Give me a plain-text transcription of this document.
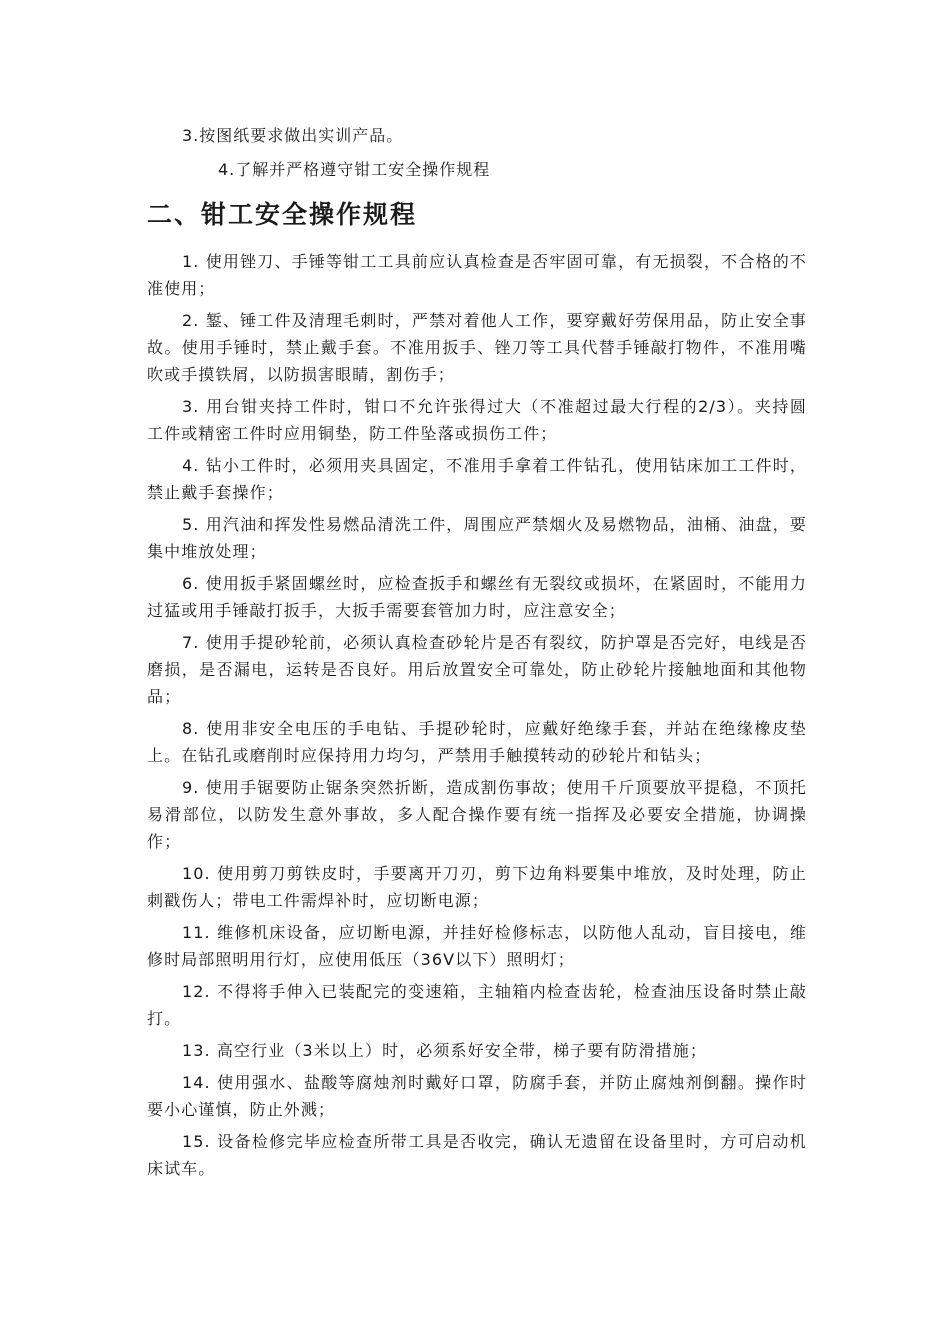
3.按图纸要求做出实训产品。
4.了解并严格遵守钳工安全操作规程
二、钳工安全操作规程

1. 使用锉刀、手锤等钳工工具前应认真检查是否牢固可靠，有无损裂，不合格的不准使用；

2. 錾、锤工件及清理毛刺时，严禁对着他人工作，要穿戴好劳保用品，防止安全事故。使用手锤时，禁止戴手套。不准用扳手、锉刀等工具代替手锤敲打物件，不准用嘴吹或手摸铁屑，以防损害眼睛，割伤手；

3. 用台钳夹持工件时，钳口不允许张得过大（不准超过最大行程的2/3）。夹持圆工件或精密工件时应用铜垫，防工件坠落或损伤工件；

4. 钻小工件时，必须用夹具固定，不准用手拿着工件钻孔，使用钻床加工工件时，禁止戴手套操作；

5. 用汽油和挥发性易燃品清洗工件，周围应严禁烟火及易燃物品，油桶、油盘，要集中堆放处理；

6. 使用扳手紧固螺丝时，应检查扳手和螺丝有无裂纹或损坏，在紧固时，不能用力过猛或用手锤敲打扳手，大扳手需要套管加力时，应注意安全；

7. 使用手提砂轮前，必须认真检查砂轮片是否有裂纹，防护罩是否完好，电线是否磨损，是否漏电，运转是否良好。用后放置安全可靠处，防止砂轮片接触地面和其他物品；

8. 使用非安全电压的手电钻、手提砂轮时，应戴好绝缘手套，并站在绝缘橡皮垫上。在钻孔或磨削时应保持用力均匀，严禁用手触摸转动的砂轮片和钻头；

9. 使用手锯要防止锯条突然折断，造成割伤事故；使用千斤顶要放平提稳，不顶托易滑部位，以防发生意外事故，多人配合操作要有统一指挥及必要安全措施，协调操作；

10. 使用剪刀剪铁皮时，手要离开刀刃，剪下边角料要集中堆放，及时处理，防止刺戳伤人；带电工件需焊补时，应切断电源；

11. 维修机床设备，应切断电源，并挂好检修标志，以防他人乱动，盲目接电，维修时局部照明用行灯，应使用低压（36V以下）照明灯；

12. 不得将手伸入已装配完的变速箱，主轴箱内检查齿轮，检查油压设备时禁止敲打。

13. 高空行业（3米以上）时，必须系好安全带，梯子要有防滑措施；

14. 使用强水、盐酸等腐烛剂时戴好口罩，防腐手套，并防止腐烛剂倒翻。操作时要小心谨慎，防止外溅；

15. 设备检修完毕应检查所带工具是否收完，确认无遗留在设备里时，方可启动机床试车。
